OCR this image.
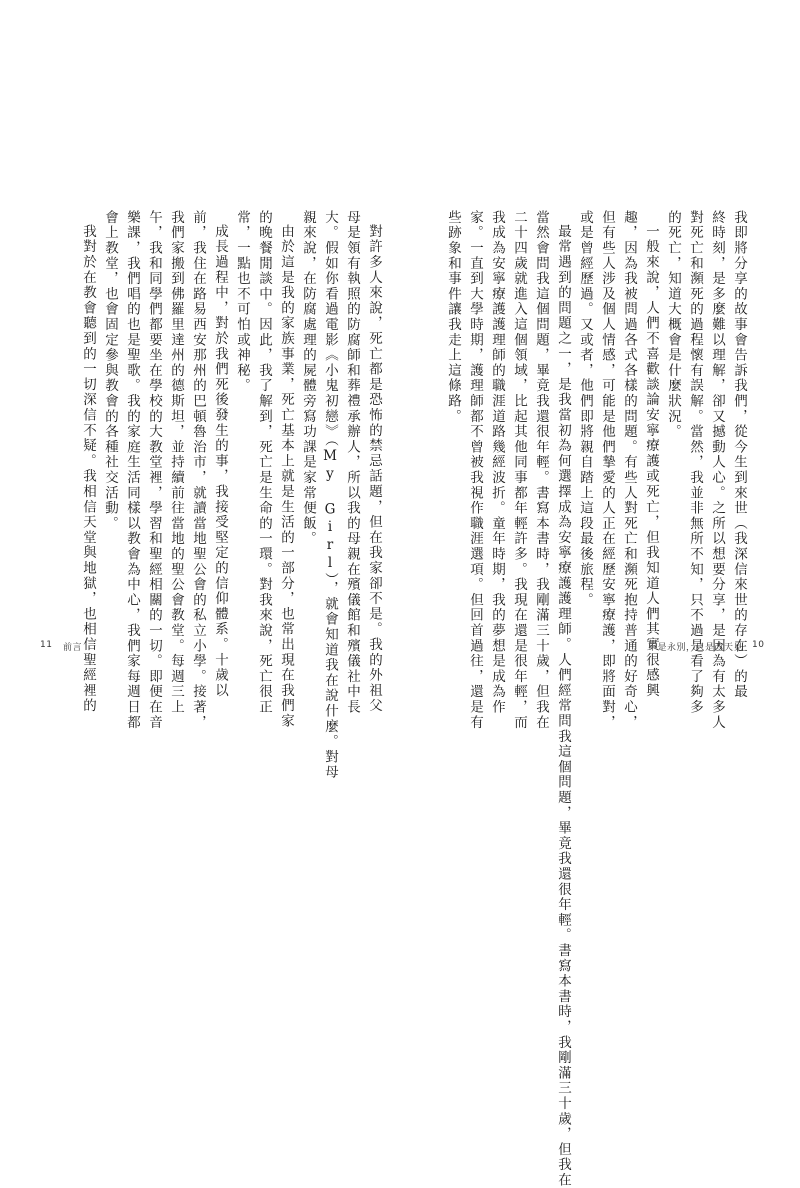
我即將分享的故事會告訴我們，從今生到來世（我深信來世的存在）的最
終時刻，是多麼難以理解，卻又撼動人心。之所以想要分享，是因為有太多人
對死亡和瀕死的過程懷有誤解。當然，我並非無所不知，只不過是看了夠多
的死亡，知道大概會是什麼狀況。
一般來說，人們不喜歡談論安寧療護或死亡，但我知道人們其實很感興
趣，因為我被問過各式各樣的問題。有些人對死亡和瀕死抱持普通的好奇心，
但有些人涉及個人情感，可能是他們摯愛的人正在經歷安寧療護，即將面對，
或是曾經歷過。又或者，他們即將親自踏上這段最後旅程。
最常遇到的問題之一，是我當初為何選擇成為安寧療護護理師。人們經常問我這個問題，畢竟我還很年輕。書寫本書時，我剛滿三十歲，但我在
當然會問我這個問題，畢竟我還很年輕。書寫本書時，我剛滿三十歲，但我在
二十四歲就進入這個領域，比起其他同事都年輕許多。我現在還是很年輕，而
我成為安寧療護護理師的職涯道路幾經波折。童年時期，我的夢想是成為作
家。一直到大學時期，護理師都不曾被我視作職涯選項。但回首過往，還是有
些跡象和事件讓我走上這條路。
對許多人來說，死亡都是恐怖的禁忌話題，但在我家卻不是。我的外祖父
母是領有執照的防腐師和葬禮承辦人，所以我的母親在殯儀館和殯儀社中長
大。假如你看過電影《小鬼初戀》（My Girl），就會知道我在說什麼。對母
親來說，在防腐處理的屍體旁寫功課是家常便飯。
由於這是我的家族事業，死亡基本上就是生活的一部分，也常出現在我們家
的晚餐閒談中。因此，我了解到，死亡是生命的一環。對我來說，死亡很正
常，一點也不可怕或神秘。
成長過程中，對於我們死後發生的事，我接受堅定的信仰體系。十歲以
前，我住在路易西安那州的巴頓魯治市，就讀當地聖公會的私立小學。接著，
我們家搬到佛羅里達州的德斯坦，並持續前往當地的聖公會教堂。每週三上
午，我和同學們都要坐在學校的大教堂裡，學習和聖經相關的一切。即便在音
樂課，我們唱的也是聖歌。我的家庭生活同樣以教會為中心，我們家每週日都
會上教堂，也會固定參與教會的各種社交活動。
我對於在教會聽到的一切深信不疑。我相信天堂與地獄，也相信聖經裡的
11 前言	不是永別，只是改天見 10
